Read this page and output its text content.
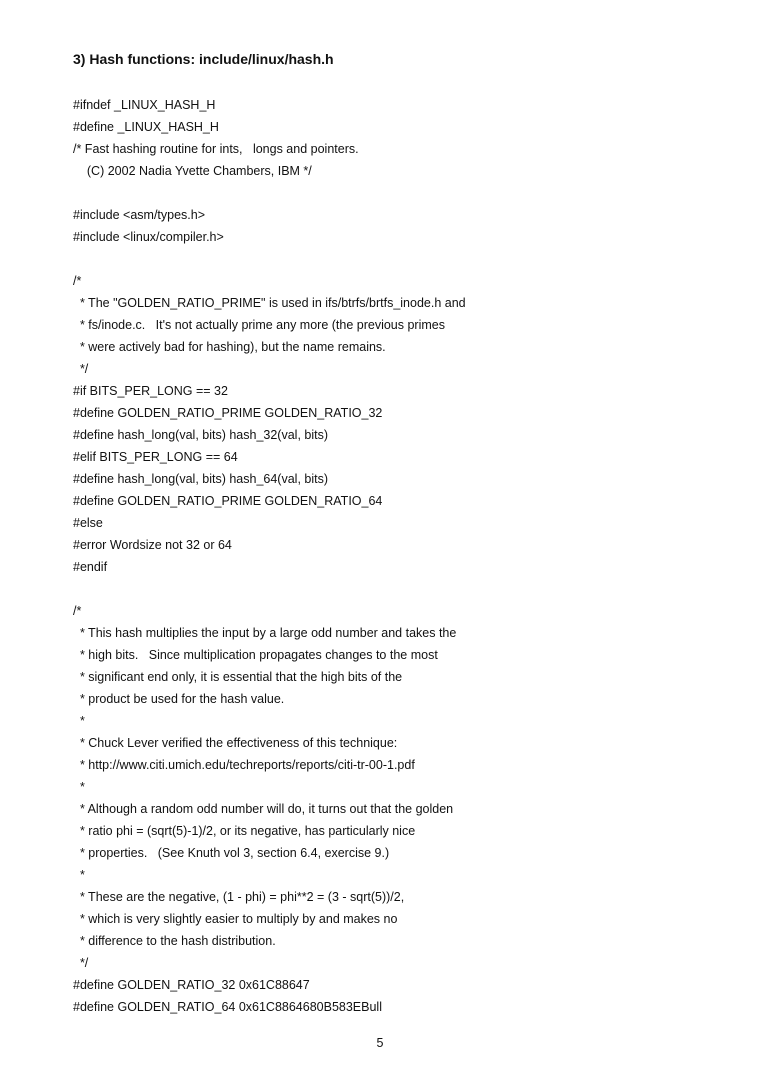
3) Hash functions: include/linux/hash.h
#ifndef _LINUX_HASH_H
#define _LINUX_HASH_H
/* Fast hashing routine for ints,   longs and pointers.
(C) 2002 Nadia Yvette Chambers, IBM */
#include <asm/types.h>
#include <linux/compiler.h>
/*
* The "GOLDEN_RATIO_PRIME" is used in ifs/btrfs/brtfs_inode.h and
* fs/inode.c.   It's not actually prime any more (the previous primes
* were actively bad for hashing), but the name remains.
*/
#if BITS_PER_LONG == 32
#define GOLDEN_RATIO_PRIME GOLDEN_RATIO_32
#define hash_long(val, bits) hash_32(val, bits)
#elif BITS_PER_LONG == 64
#define hash_long(val, bits) hash_64(val, bits)
#define GOLDEN_RATIO_PRIME GOLDEN_RATIO_64
#else
#error Wordsize not 32 or 64
#endif
/*
* This hash multiplies the input by a large odd number and takes the
* high bits.   Since multiplication propagates changes to the most
* significant end only, it is essential that the high bits of the
* product be used for the hash value.
*
* Chuck Lever verified the effectiveness of this technique:
* http://www.citi.umich.edu/techreports/reports/citi-tr-00-1.pdf
*
* Although a random odd number will do, it turns out that the golden
* ratio phi = (sqrt(5)-1)/2, or its negative, has particularly nice
* properties.   (See Knuth vol 3, section 6.4, exercise 9.)
*
* These are the negative, (1 - phi) = phi**2 = (3 - sqrt(5))/2,
* which is very slightly easier to multiply by and makes no
* difference to the hash distribution.
*/
#define GOLDEN_RATIO_32 0x61C88647
#define GOLDEN_RATIO_64 0x61C8864680B583EBull
5
